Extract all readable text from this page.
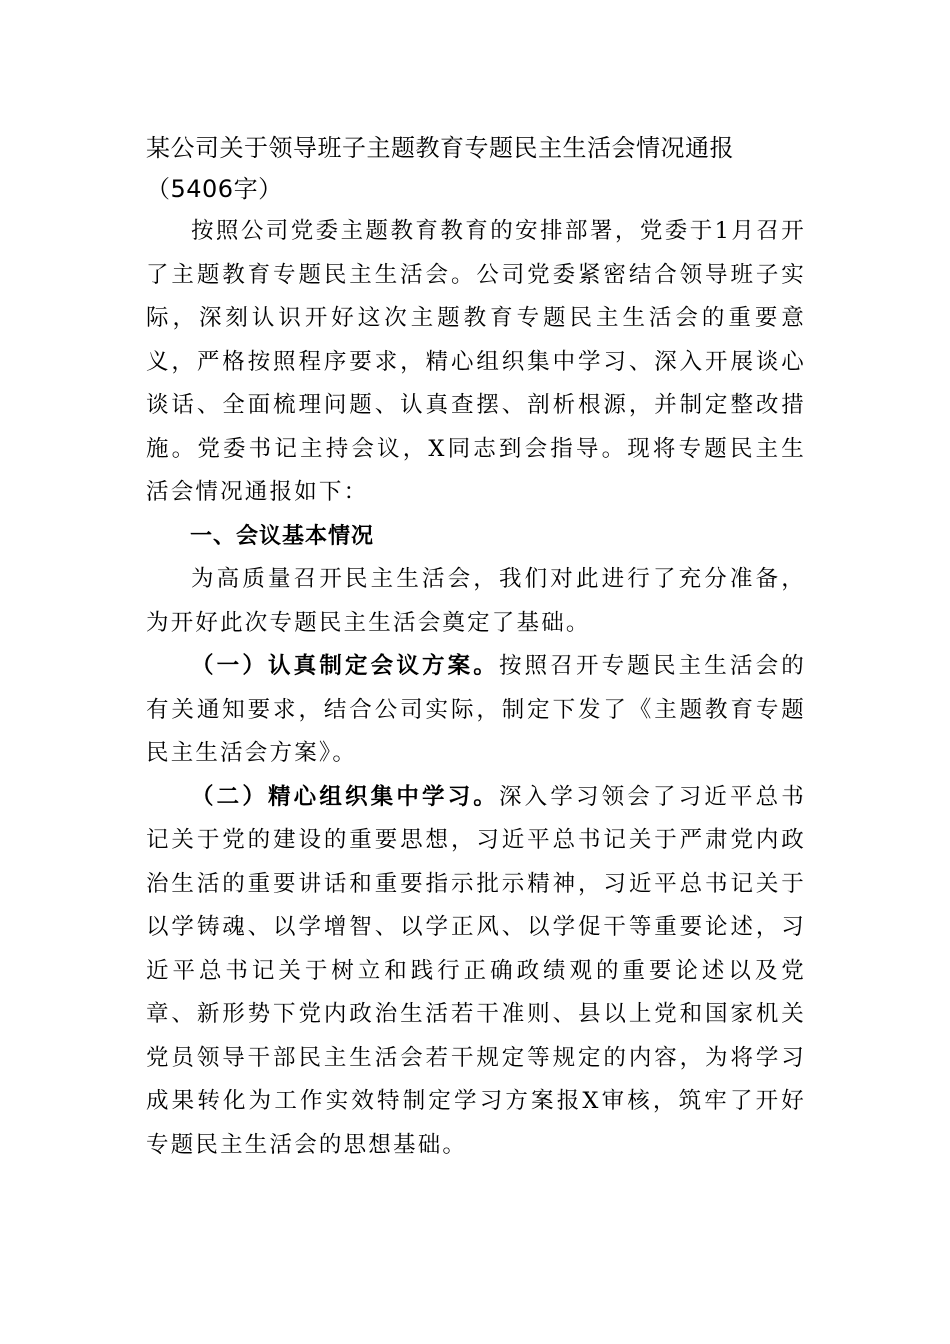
某公司关于领导班子主题教育专题民主生活会情况通报（5406字）

按照公司党委主题教育教育的安排部署，党委于1月召开了主题教育专题民主生活会。公司党委紧密结合领导班子实际，深刻认识开好这次主题教育专题民主生活会的重要意义，严格按照程序要求，精心组织集中学习、深入开展谈心谈话、全面梳理问题、认真查摆、剖析根源，并制定整改措施。党委书记主持会议，X同志到会指导。现将专题民主生活会情况通报如下：

一、会议基本情况

为高质量召开民主生活会，我们对此进行了充分准备，为开好此次专题民主生活会奠定了基础。

（一）认真制定会议方案。按照召开专题民主生活会的有关通知要求，结合公司实际，制定下发了《主题教育专题民主生活会方案》。

（二）精心组织集中学习。深入学习领会了习近平总书记关于党的建设的重要思想，习近平总书记关于严肃党内政治生活的重要讲话和重要指示批示精神，习近平总书记关于以学铸魂、以学增智、以学正风、以学促干等重要论述，习近平总书记关于树立和践行正确政绩观的重要论述以及党章、新形势下党内政治生活若干准则、县以上党和国家机关党员领导干部民主生活会若干规定等规定的内容，为将学习成果转化为工作实效特制定学习方案报X审核，筑牢了开好专题民主生活会的思想基础。
